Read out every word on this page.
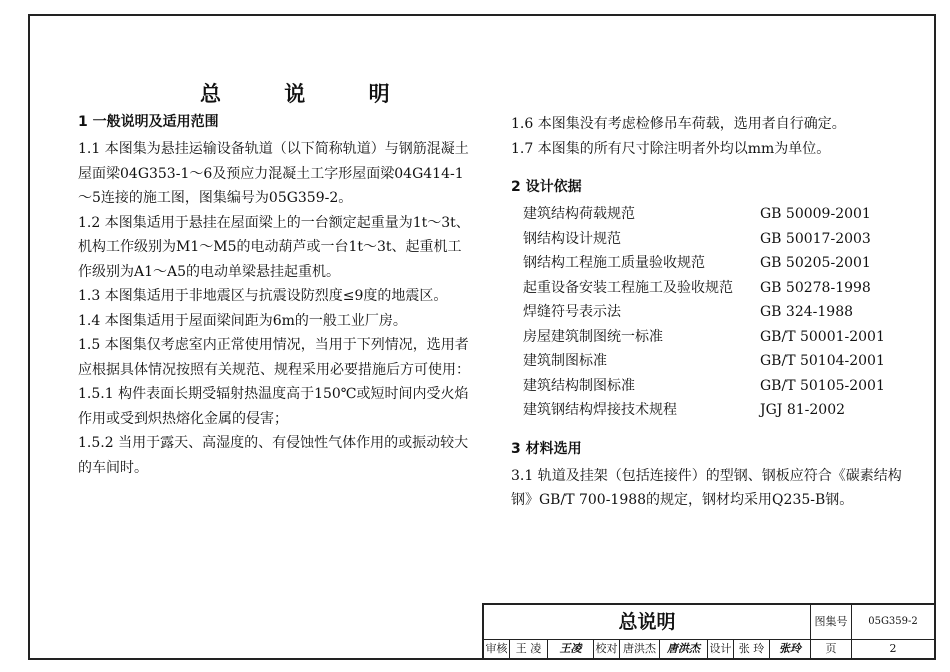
总 说 明
1 一般说明及适用范围

1.1 本图集为悬挂运输设备轨道（以下简称轨道）与钢筋混凝土屋面梁04G353-1～6及预应力混凝土工字形屋面梁04G414-1～5连接的施工图，图集编号为05G359-2。

1.2 本图集适用于悬挂在屋面梁上的一台额定起重量为1t～3t、机构工作级别为M1～M5的电动葫芦或一台1t～3t、起重机工作级别为A1～A5的电动单梁悬挂起重机。

1.3 本图集适用于非地震区与抗震设防烈度≤9度的地震区。

1.4 本图集适用于屋面梁间距为6m的一般工业厂房。

1.5 本图集仅考虑室内正常使用情况，当用于下列情况，选用者应根据具体情况按照有关规范、规程采用必要措施后方可使用：

1.5.1 构件表面长期受辐射热温度高于150℃或短时间内受火焰作用或受到炽热熔化金属的侵害；

1.5.2 当用于露天、高湿度的、有侵蚀性气体作用的或振动较大的车间时。

1.6 本图集没有考虑检修吊车荷载，选用者自行确定。

1.7 本图集的所有尺寸除注明者外均以mm为单位。

2 设计依据
建筑结构荷载规范	GB 50009-2001
钢结构设计规范	GB 50017-2003
钢结构工程施工质量验收规范	GB 50205-2001
起重设备安装工程施工及验收规范	GB 50278-1998
焊缝符号表示法	GB 324-1988
房屋建筑制图统一标准	GB/T 50001-2001
建筑制图标准	GB/T 50104-2001
建筑结构制图标准	GB/T 50105-2001
建筑钢结构焊接技术规程	JGJ 81-2002
3 材料选用

3.1 轨道及挂架（包括连接件）的型钢、钢板应符合《碳素结构钢》GB/T 700-1988的规定，钢材均采用Q235-B钢。

总说明	图集号	05G359-2
审核 王 凌	王凌	校对 唐洪杰	唐洪杰 设计 张 玲	张玲	页	2
